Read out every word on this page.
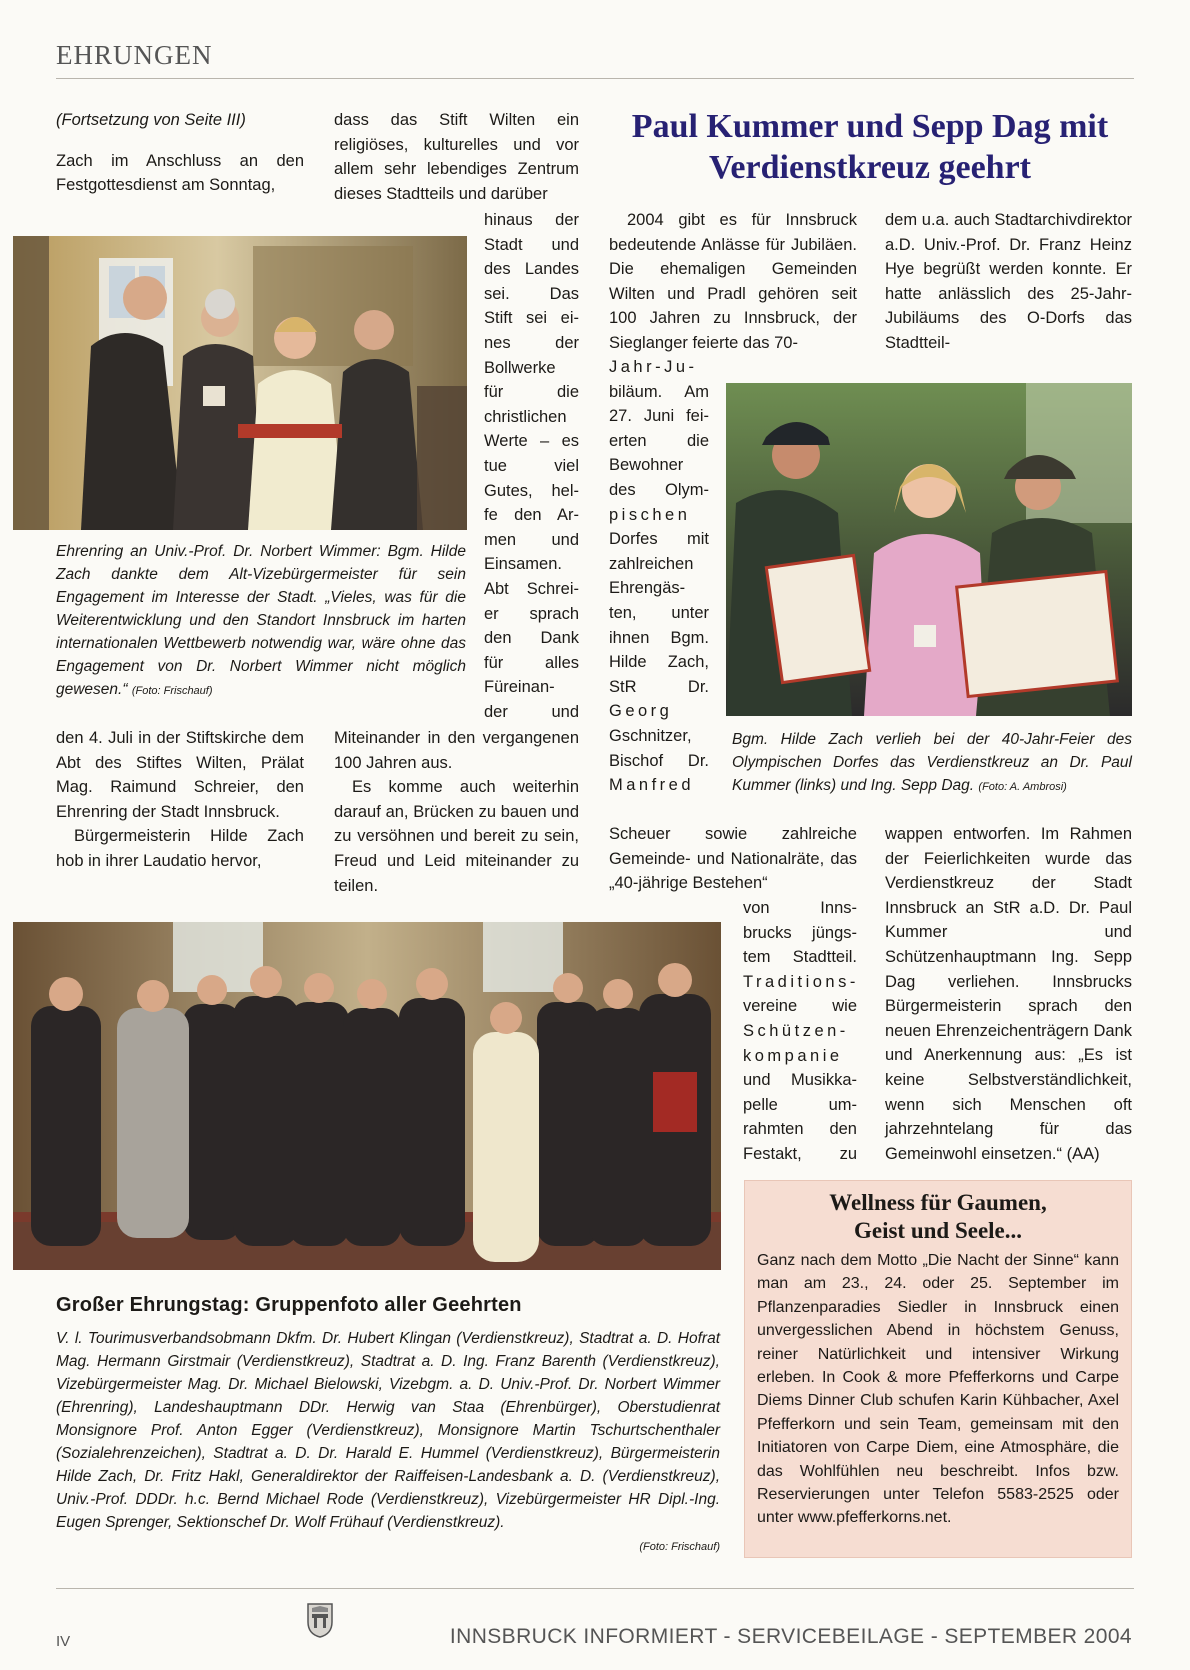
EHRUNGEN

(Fortsetzung von Seite III)

Zach im Anschluss an den Festgottesdienst am Sonntag,

dass das Stift Wilten ein religiöses, kulturelles und vor allem sehr lebendiges Zentrum dieses Stadtteils und darüber
hinaus der
Stadt und
des Landes
sei. Das
Stift sei ei-
nes der
Bollwerke
für die
christlichen
Werte – es
tue viel
Gutes, hel-
fe den Ar-
men und
Einsamen.
Abt Schrei-
er sprach
den Dank
für alles
Füreinan-
der und
Ehrenring an Univ.-Prof. Dr. Norbert Wimmer: Bgm. Hilde Zach dankte dem Alt-Vizebürgermeister für sein Engagement im Interesse der Stadt. „Vieles, was für die Weiterentwicklung und den Standort Innsbruck im harten internationalen Wettbewerb notwendig war, wäre ohne das Engagement von Dr. Norbert Wimmer nicht möglich gewesen.“ (Foto: Frischauf)

den 4. Juli in der Stiftskirche dem Abt des Stiftes Wilten, Prälat Mag. Raimund Schreier, den Ehrenring der Stadt Innsbruck.

Bürgermeisterin Hilde Zach hob in ihrer Laudatio hervor,

Miteinander in den vergangenen 100 Jahren aus.

Es komme auch weiterhin darauf an, Brücken zu bauen und zu versöhnen und bereit zu sein, Freud und Leid miteinander zu teilen.

Paul Kummer und Sepp Dag mit Verdienstkreuz geehrt
2004 gibt es für Innsbruck bedeutende Anlässe für Jubiläen. Die ehemaligen Gemeinden Wilten und Pradl gehören seit 100 Jahren zu Innsbruck, der Sieglanger feierte das 70-
Jahr-Ju-
biläum. Am
27. Juni fei-
erten die
Bewohner
des Olym-
pischen
Dorfes mit
zahlreichen
Ehrengäs-
ten, unter
ihnen Bgm.
Hilde Zach,
StR Dr.
Georg
Gschnitzer,
Bischof Dr.
Manfred
Scheuer sowie zahlreiche Gemeinde- und Nationalräte, das „40-jährige Bestehen“
von Inns-
brucks jüngs-
tem Stadtteil.
Traditions-
vereine wie
Schützen-
kompanie
und Musikka-
pelle um-
rahmten den
Festakt, zu
dem u.a. auch Stadtarchivdirektor a.D. Univ.-Prof. Dr. Franz Heinz Hye begrüßt werden konnte. Er hatte anlässlich des 25-Jahr-Jubiläums des O-Dorfs das Stadtteil-
wappen entworfen. Im Rahmen der Feierlichkeiten wurde das Verdienstkreuz der Stadt Innsbruck an StR a.D. Dr. Paul Kummer und Schützenhauptmann Ing. Sepp Dag verliehen. Innsbrucks Bürgermeisterin sprach den neuen Ehrenzeichenträgern Dank und Anerkennung aus: „Es ist keine Selbstverständlichkeit, wenn sich Menschen oft jahrzehntelang für das Gemeinwohl einsetzen.“ (AA)
Bgm. Hilde Zach verlieh bei der 40-Jahr-Feier des Olympischen Dorfes das Verdienstkreuz an Dr. Paul Kummer (links) und Ing. Sepp Dag. (Foto: A. Ambrosi)
Großer Ehrungstag: Gruppenfoto aller Geehrten
V. l. Tourimusverbandsobmann Dkfm. Dr. Hubert Klingan (Verdienstkreuz), Stadtrat a. D. Hofrat Mag. Hermann Girstmair (Verdienstkreuz), Stadtrat a. D. Ing. Franz Barenth (Verdienstkreuz), Vizebürgermeister Mag. Dr. Michael Bielowski, Vizebgm. a. D. Univ.-Prof. Dr. Norbert Wimmer (Ehrenring), Landeshauptmann DDr. Herwig van Staa (Ehrenbürger), Oberstudienrat Monsignore Prof. Anton Egger (Verdienstkreuz), Monsignore Martin Tschurtschenthaler (Sozialehrenzeichen), Stadtrat a. D. Dr. Harald E. Hummel (Verdienstkreuz), Bürgermeisterin Hilde Zach, Dr. Fritz Hakl, Generaldirektor der Raiffeisen-Landesbank a. D. (Verdienstkreuz), Univ.-Prof. DDDr. h.c. Bernd Michael Rode (Verdienstkreuz), Vizebürgermeister HR Dipl.-Ing. Eugen Sprenger, Sektionschef Dr. Wolf Frühauf (Verdienstkreuz).
(Foto: Frischauf)
Wellness für Gaumen,
Geist und Seele...
Ganz nach dem Motto „Die Nacht der Sinne“ kann man am 23., 24. oder 25. September im Pflanzenparadies Siedler in Innsbruck einen unvergesslichen Abend in höchstem Genuss, reiner Natürlichkeit und intensiver Wirkung erleben. In Cook & more Pfefferkorns und Carpe Diems Dinner Club schufen Karin Kühbacher, Axel Pfefferkorn und sein Team, gemeinsam mit den Initiatoren von Carpe Diem, eine Atmosphäre, die das Wohlfühlen neu beschreibt. Infos bzw. Reservierungen unter Telefon 5583-2525 oder unter www.pfefferkorns.net.
IV	INNSBRUCK INFORMIERT - SERVICEBEILAGE - SEPTEMBER 2004
